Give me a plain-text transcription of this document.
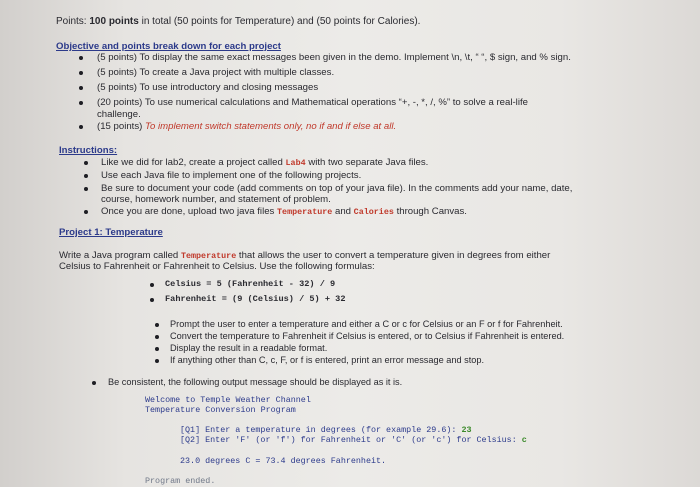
Points: 100 points in total (50 points for Temperature) and (50 points for Calories).
Objective and points break down for each project
(5 points) To display the same exact messages been given in the demo. Implement \n, \t, “ “, $ sign, and % sign.
(5 points) To create a Java project with multiple classes.
(5 points) To use introductory and closing messages
(20 points) To use numerical calculations and Mathematical operations “+, -, *, /, %” to solve a real-life
challenge.
(15 points) To implement switch statements only, no if and if else at all.
Instructions:
Like we did for lab2, create a project called Lab4 with two separate Java files.
Use each Java file to implement one of the following projects.
Be sure to document your code (add comments on top of your java file). In the comments add your name, date,
course, homework number, and statement of problem.
Once you are done, upload two java files Temperature and Calories through Canvas.
Project 1: Temperature
Write a Java program called Temperature that allows the user to convert a temperature given in degrees from either
Celsius to Fahrenheit or Fahrenheit to Celsius. Use the following formulas:
Celsius = 5 (Fahrenheit - 32) / 9
Fahrenheit = (9 (Celsius) / 5) + 32
Prompt the user to enter a temperature and either a C or c for Celsius or an F or f for Fahrenheit.
Convert the temperature to Fahrenheit if Celsius is entered, or to Celsius if Fahrenheit is entered.
Display the result in a readable format.
If anything other than C, c, F, or f is entered, print an error message and stop.
Be consistent, the following output message should be displayed as it is.
Welcome to Temple Weather Channel
Temperature Conversion Program
[Q1] Enter a temperature in degrees (for example 29.6): 23
[Q2] Enter 'F' (or 'f') for Fahrenheit or 'C' (or 'c') for Celsius: c
23.0 degrees C = 73.4 degrees Fahrenheit.
Program ended.
